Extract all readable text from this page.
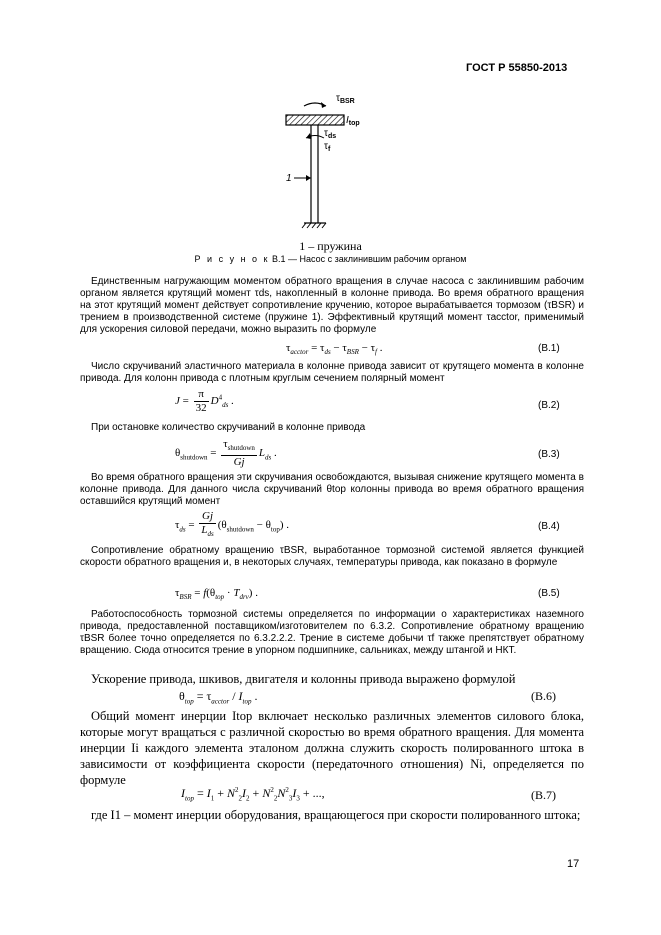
ГОСТ Р 55850-2013
$\tau_{BSR}$
$I_{top}$
$\tau_{ds}$
$\tau_f$
1
1 – пружина
Р и с у н о к В.1 — Насос с заклинившим рабочим органом
Единственным нагружающим моментом обратного вращения в случае насоса с заклинившим рабочим органом является крутящий момент τds, накопленный в колонне привода. Во время обратного вращения на этот крутящий момент действует сопротивление кручению, которое вырабатывается тормозом (τBSR) и трением в производственной системе (пружине 1). Эффективный крутящий момент τacctor, применимый для ускорения силовой передачи, можно выразить по формуле
$\tau_{acctor} = \tau_{ds} - \tau_{BSR} - \tau_f$ .	(В.1)
Число скручиваний эластичного материала в колонне привода зависит от крутящего момента в колонне привода. Для колонн привода с плотным круглым сечением полярный момент
$J = \frac{\pi}{32} D^4_{ds}$ .	(В.2)
При остановке количество скручиваний в колонне привода
$\theta_{shutdown} = \frac{\tau_{shutdown}}{Gj} L_{ds}$ .	(В.3)
Во время обратного вращения эти скручивания освобождаются, вызывая снижение крутящего момента в колонне привода. Для данного числа скручиваний θtop колонны привода во время обратного вращения оставшийся крутящий момент
$\tau_{ds} = \frac{Gj}{L_{ds}} (\theta_{shutdown} - \theta_{top})$ .	(В.4)
Сопротивление обратному вращению τBSR, выработанное тормозной системой является функцией скорости обратного вращения и, в некоторых случаях, температуры привода, как показано в формуле
$\tau_{BSR} = f(\theta_{top} \cdot T_{drv})$ .	(В.5)
Работоспособность тормозной системы определяется по информации о характеристиках наземного привода, предоставленной поставщиком/изготовителем по 6.3.2. Сопротивление обратному вращению τBSR более точно определяется по 6.3.2.2.2. Трение в системе добычи τf также препятствует обратному вращению. Сюда относится трение в упорном подшипнике, сальниках, между штангой и НКТ.
Ускорение привода, шкивов, двигателя и колонны привода выражено формулой
$\theta_{top} = \tau_{acctor} / I_{top}$ .	(В.6)
Общий момент инерции Itop включает несколько различных элементов силового блока, которые могут вращаться с различной скоростью во время обратного вращения. Для момента инерции Ii каждого элемента эталоном должна служить скорость полированного штока в зависимости от коэффициента скорости (передаточного отношения) Ni, определяется по формуле
$I_{top} = I_1 + N^2_2I_2 + N^2_2N^2_3I_3$ + ...,	(В.7)
где I1 – момент инерции оборудования, вращающегося при скорости полированного штока;
17
